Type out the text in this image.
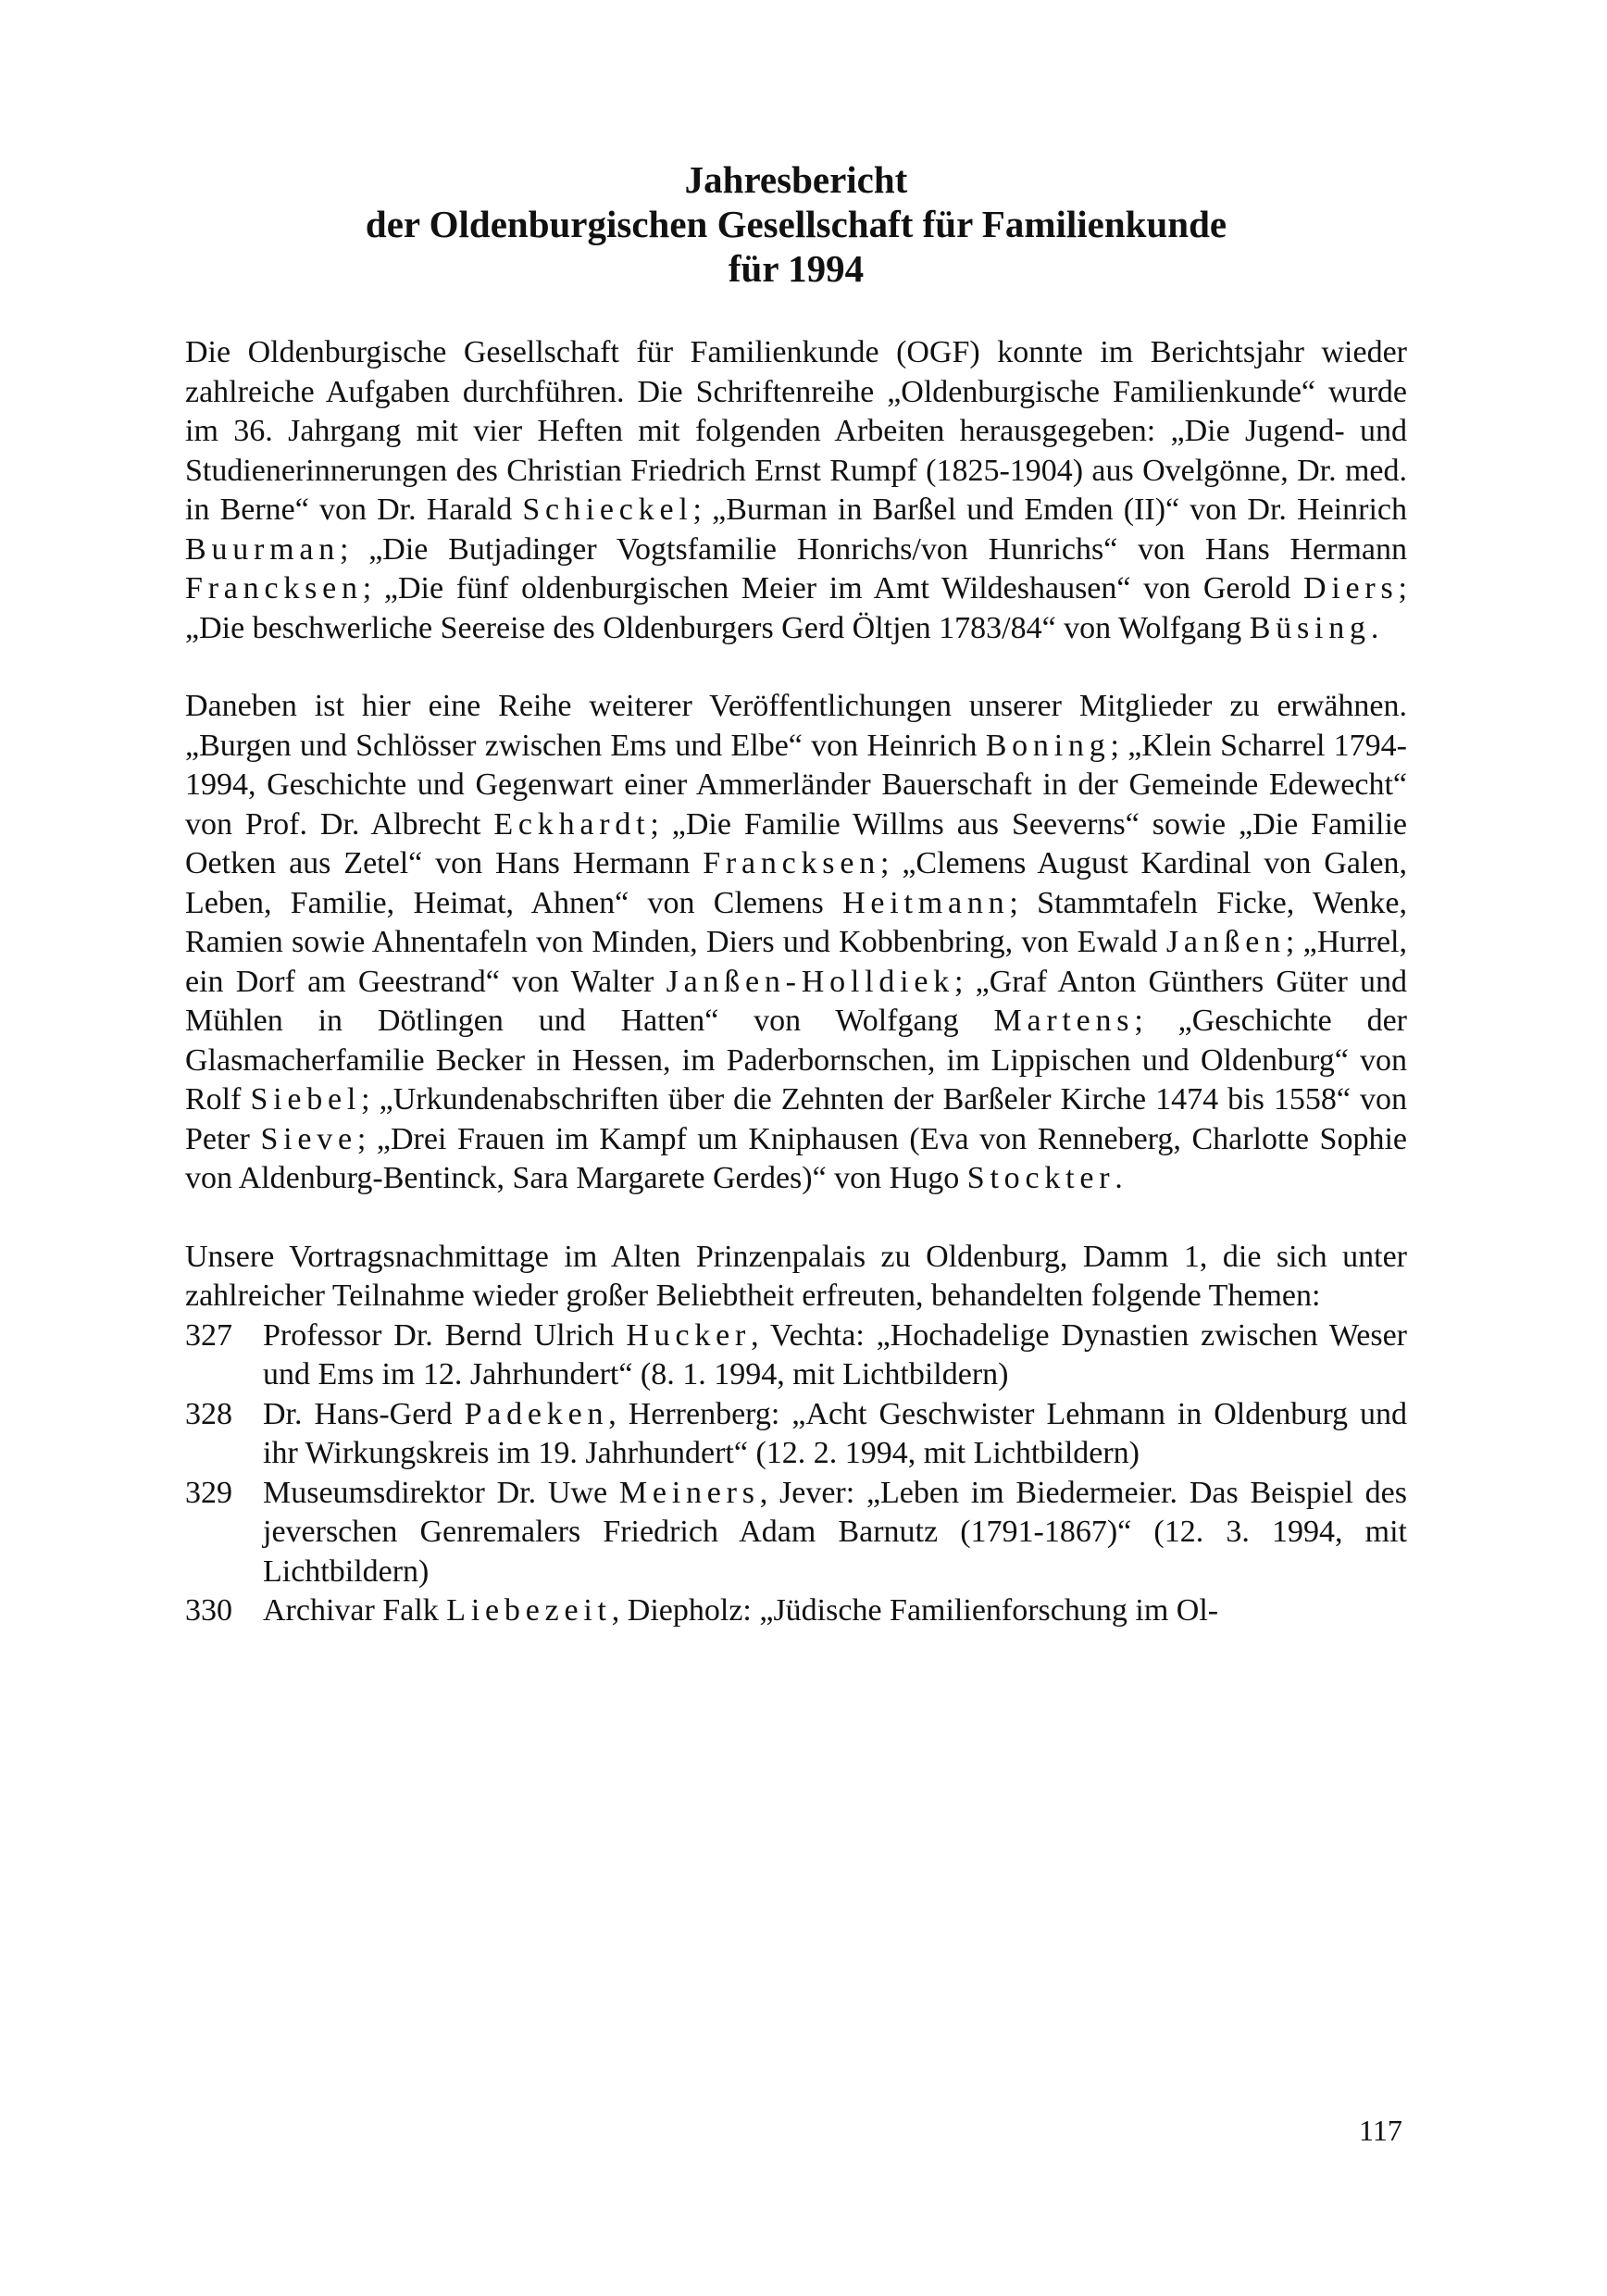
Jahresbericht
der Oldenburgischen Gesellschaft für Familienkunde
für 1994

Die Oldenburgische Gesellschaft für Familienkunde (OGF) konnte im Berichtsjahr wieder zahlreiche Aufgaben durchführen. Die Schriftenreihe „Oldenburgische Familienkunde“ wurde im 36. Jahrgang mit vier Heften mit folgenden Arbeiten herausgegeben: „Die Jugend- und Studienerinnerungen des Christian Friedrich Ernst Rumpf (1825-1904) aus Ovelgönne, Dr. med. in Berne“ von Dr. Harald Schieckel; „Burman in Barßel und Emden (II)“ von Dr. Heinrich Buurman; „Die Butjadinger Vogtsfamilie Honrichs/von Hunrichs“ von Hans Hermann Francksen; „Die fünf oldenburgischen Meier im Amt Wildeshausen“ von Gerold Diers; „Die beschwerliche Seereise des Oldenburgers Gerd Öltjen 1783/84“ von Wolfgang Büsing.

Daneben ist hier eine Reihe weiterer Veröffentlichungen unserer Mitglieder zu erwähnen. „Burgen und Schlösser zwischen Ems und Elbe“ von Heinrich Boning; „Klein Scharrel 1794-1994, Geschichte und Gegenwart einer Ammerländer Bauerschaft in der Gemeinde Edewecht“ von Prof. Dr. Albrecht Eckhardt; „Die Familie Willms aus Seeverns“ sowie „Die Familie Oetken aus Zetel“ von Hans Hermann Francksen; „Clemens August Kardinal von Galen, Leben, Familie, Heimat, Ahnen“ von Clemens Heitmann; Stammtafeln Ficke, Wenke, Ramien sowie Ahnentafeln von Minden, Diers und Kobbenbring, von Ewald Janßen; „Hurrel, ein Dorf am Geestrand“ von Walter Janßen-Holldiek; „Graf Anton Günthers Güter und Mühlen in Dötlingen und Hatten“ von Wolfgang Martens; „Geschichte der Glasmacherfamilie Becker in Hessen, im Paderbornschen, im Lippischen und Oldenburg“ von Rolf Siebel; „Urkundenabschriften über die Zehnten der Barßeler Kirche 1474 bis 1558“ von Peter Sieve; „Drei Frauen im Kampf um Kniphausen (Eva von Renneberg, Charlotte Sophie von Aldenburg-Bentinck, Sara Margarete Gerdes)“ von Hugo Stockter.

Unsere Vortragsnachmittage im Alten Prinzenpalais zu Oldenburg, Damm 1, die sich unter zahlreicher Teilnahme wieder großer Beliebtheit erfreuten, behandelten folgende Themen:

327 Professor Dr. Bernd Ulrich Hucker, Vechta: „Hochadelige Dynastien zwischen Weser und Ems im 12. Jahrhundert“ (8. 1. 1994, mit Lichtbildern)
328 Dr. Hans-Gerd Padeken, Herrenberg: „Acht Geschwister Lehmann in Oldenburg und ihr Wirkungskreis im 19. Jahrhundert“ (12. 2. 1994, mit Lichtbildern)
329 Museumsdirektor Dr. Uwe Meiners, Jever: „Leben im Biedermeier. Das Beispiel des jeverschen Genremalers Friedrich Adam Barnutz (1791-1867)“ (12. 3. 1994, mit Lichtbildern)
330 Archivar Falk Liebezeit, Diepholz: „Jüdische Familienforschung im Ol-
117
